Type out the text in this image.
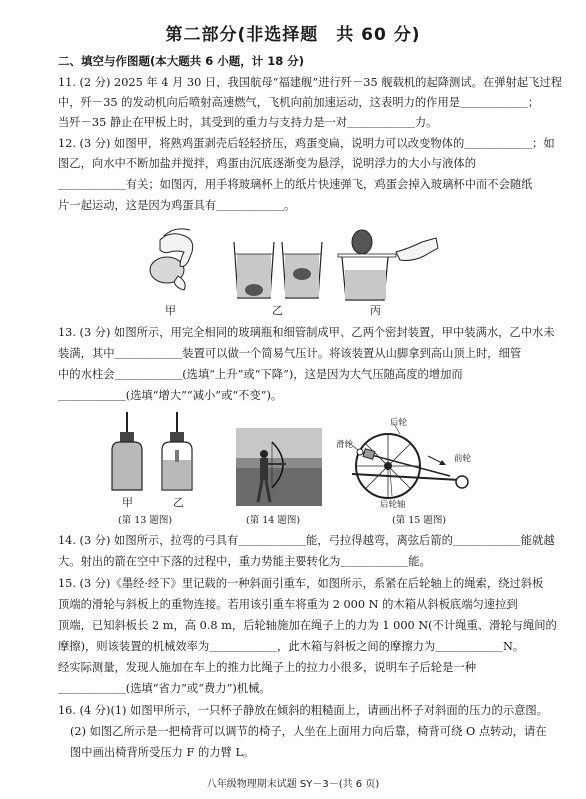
第二部分(非选择题　共 60 分)
二、填空与作图题(本大题共 6 小题，计 18 分)
11. (2 分) 2025 年 4 月 30 日，我国航母“福建舰”进行歼－35 舰载机的起降测试。在弹射起飞过程
中，歼－35 的发动机向后喷射高速燃气，飞机向前加速运动，这表明力的作用是＿＿＿＿＿＿；
当歼－35 静止在甲板上时，其受到的重力与支持力是一对＿＿＿＿＿＿力。
12. (3 分) 如图甲，将熟鸡蛋剥壳后轻轻挤压，鸡蛋变扁，说明力可以改变物体的＿＿＿＿＿＿；如
图乙，向水中不断加盐并搅拌，鸡蛋由沉底逐渐变为悬浮，说明浮力的大小与液体的
＿＿＿＿＿＿有关；如图丙，用手将玻璃杯上的纸片快速弹飞，鸡蛋会掉入玻璃杯中而不会随纸
片一起运动，这是因为鸡蛋具有＿＿＿＿＿＿。
甲	乙	丙
13. (3 分) 如图所示，用完全相同的玻璃瓶和细管制成甲、乙两个密封装置，甲中装满水，乙中水未
装满，其中＿＿＿＿＿＿装置可以做一个简易气压计。将该装置从山脚拿到高山顶上时，细管
中的水柱会＿＿＿＿＿＿(选填“上升”或“下降”)，这是因为大气压随高度的增加而
＿＿＿＿＿＿(选填“增大”“减小”或“不变”)。
甲	乙
(第 13 题图)	(第 14 题图)
后轮
滑轮
前轮
后轮轴
(第 15 题图)
14. (3 分) 如图所示，拉弯的弓具有＿＿＿＿＿＿能，弓拉得越弯，离弦后箭的＿＿＿＿＿＿能就越
大。射出的箭在空中下落的过程中，重力势能主要转化为＿＿＿＿＿＿能。
15. (3 分)《墨经·经下》里记载的一种斜面引重车，如图所示，系紧在后轮轴上的绳索，绕过斜板
顶端的滑轮与斜板上的重物连接。若用该引重车将重为 2 000 N 的木箱从斜板底端匀速拉到
顶端，已知斜板长 2 m，高 0.8 m，后轮轴施加在绳子上的力为 1 000 N(不计绳重、滑轮与绳间的
摩擦)，则该装置的机械效率为＿＿＿＿＿＿，此木箱与斜板之间的摩擦力为＿＿＿＿＿＿N。
经实际测量，发现人施加在车上的推力比绳子上的拉力小很多，说明车子后轮是一种
＿＿＿＿＿＿(选填“省力”或“费力”)机械。
16. (4 分)(1) 如图甲所示，一只杯子静放在倾斜的粗糙面上，请画出杯子对斜面的压力的示意图。
(2) 如图乙所示是一把椅背可以调节的椅子，人坐在上面用力向后靠，椅背可绕 O 点转动，请在
图中画出椅背所受压力 F 的力臂 L。
八年级物理期末试题 SY－3－(共 6 页)
